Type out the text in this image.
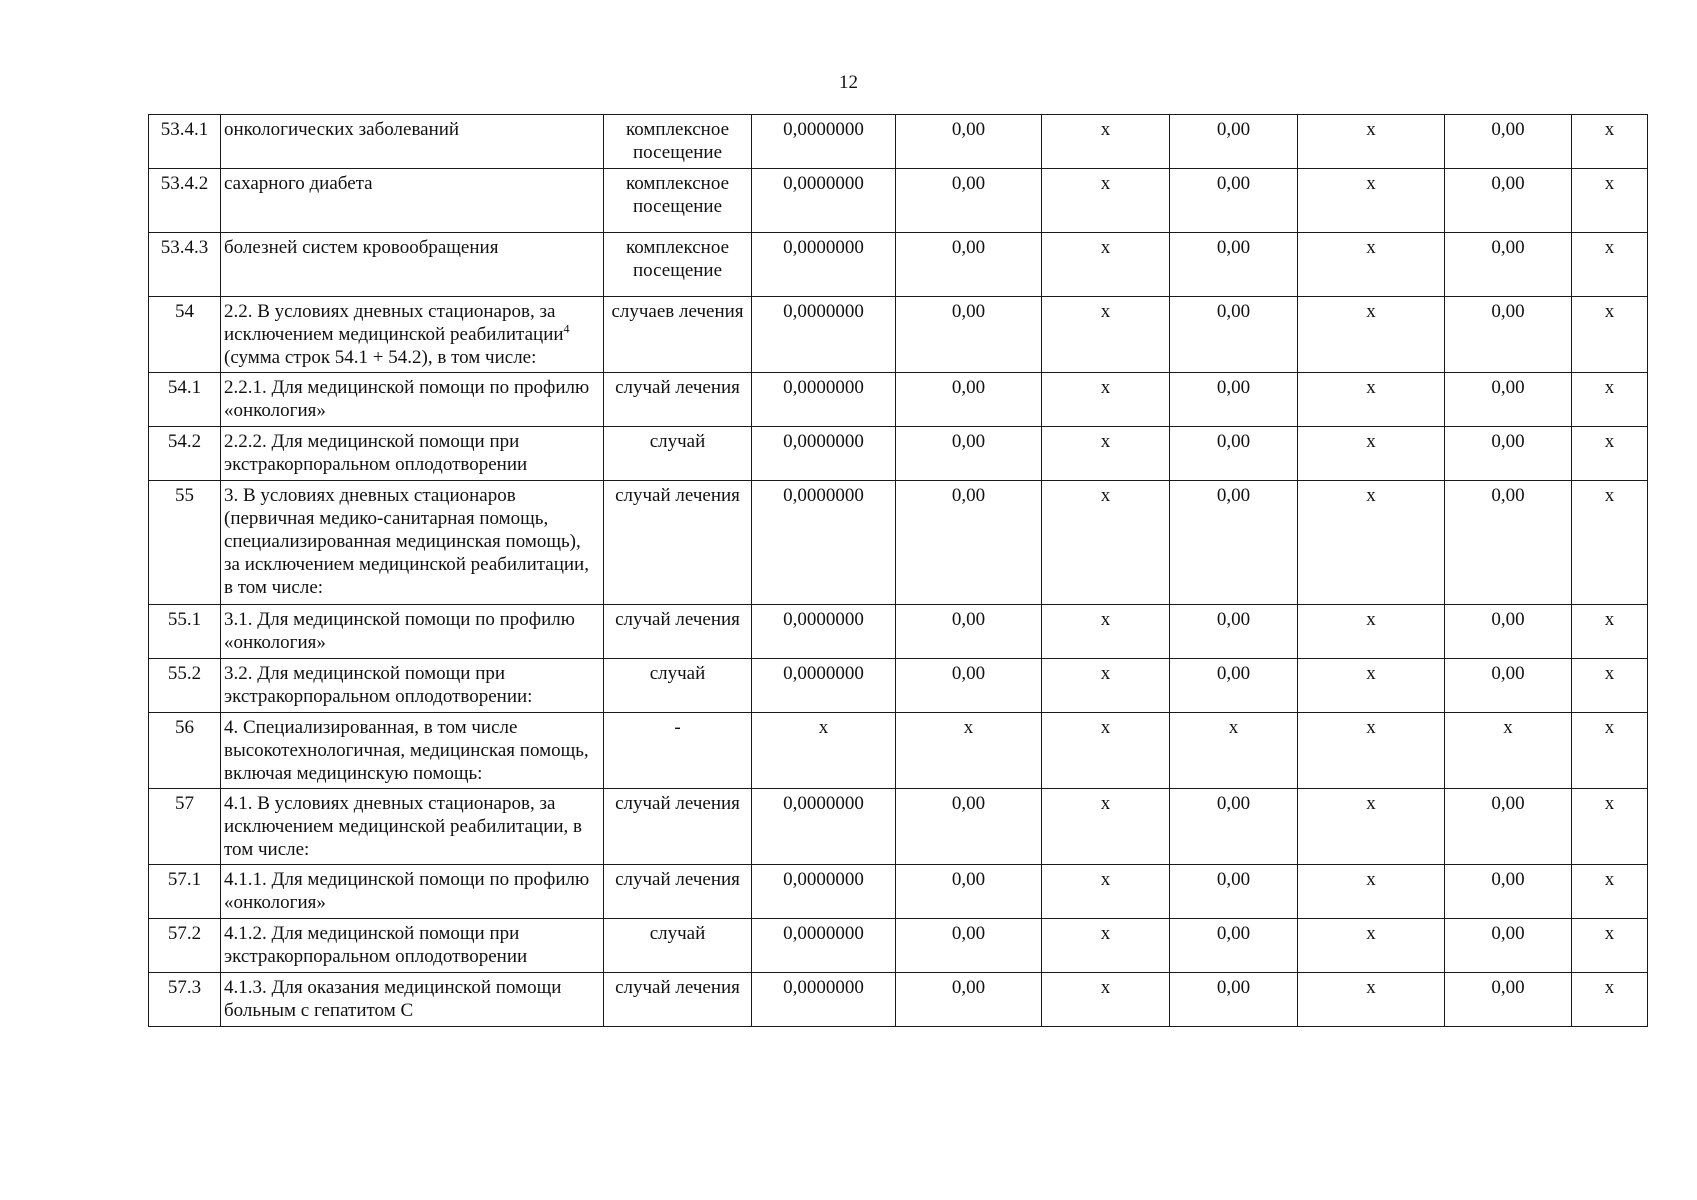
12
53.4.1	онкологических заболеваний	комплексное посещение	0,0000000	0,00	х	0,00	х	0,00	х
53.4.2	сахарного диабета	комплексное посещение	0,0000000	0,00	х	0,00	х	0,00	х
53.4.3	болезней систем кровообращения	комплексное посещение	0,0000000	0,00	х	0,00	х	0,00	х
54	2.2. В условиях дневных стационаров, за исключением медицинской реабилитации$^4$ (сумма строк 54.1 + 54.2), в том числе:	случаев лечения	0,0000000	0,00	х	0,00	х	0,00	х
54.1	2.2.1. Для медицинской помощи по профилю «онкология»	случай лечения	0,0000000	0,00	х	0,00	х	0,00	х
54.2	2.2.2. Для медицинской помощи при экстракорпоральном оплодотворении	случай	0,0000000	0,00	х	0,00	х	0,00	х
55	3. В условиях дневных стационаров (первичная медико-санитарная помощь, специализированная медицинская помощь), за исключением медицинской реабилитации, в том числе:	случай лечения	0,0000000	0,00	х	0,00	х	0,00	х
55.1	3.1. Для медицинской помощи по профилю «онкология»	случай лечения	0,0000000	0,00	х	0,00	х	0,00	х
55.2	3.2. Для медицинской помощи при экстракорпоральном оплодотворении:	случай	0,0000000	0,00	х	0,00	х	0,00	х
56	4. Специализированная, в том числе высокотехнологичная, медицинская помощь, включая медицинскую помощь:	-	х	х	х	х	х	х	х
57	4.1. В условиях дневных стационаров, за исключением медицинской реабилитации, в том числе:	случай лечения	0,0000000	0,00	х	0,00	х	0,00	х
57.1	4.1.1. Для медицинской помощи по профилю «онкология»	случай лечения	0,0000000	0,00	х	0,00	х	0,00	х
57.2	4.1.2. Для медицинской помощи при экстракорпоральном оплодотворении	случай	0,0000000	0,00	х	0,00	х	0,00	х
57.3	4.1.3. Для оказания медицинской помощи больным с гепатитом С	случай лечения	0,0000000	0,00	х	0,00	х	0,00	х
